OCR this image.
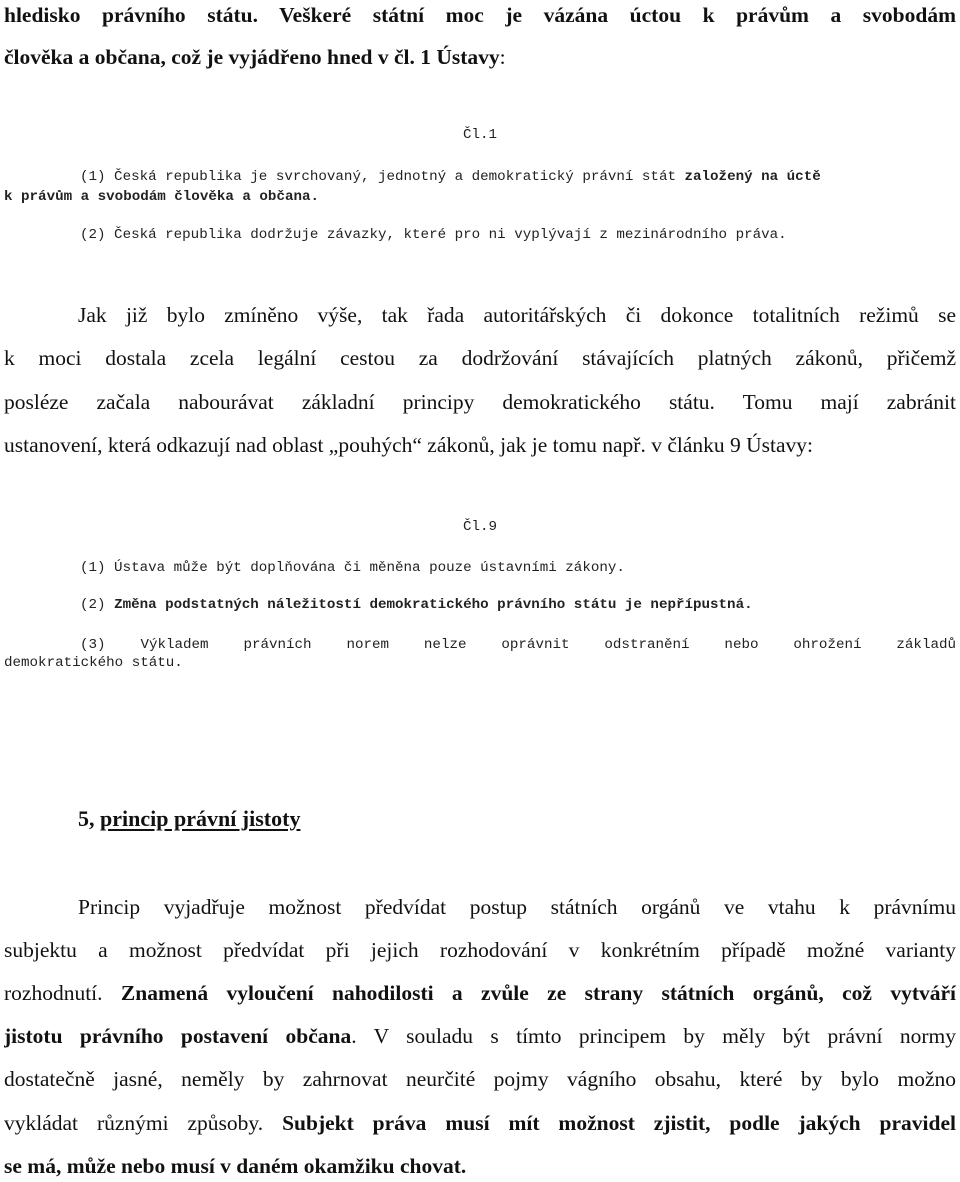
hledisko právního státu. Veškeré státní moc je vázána úctou k právům a svobodám
člověka a občana, což je vyjádřeno hned v čl. 1 Ústavy:
Čl.1
(1) Česká republika je svrchovaný, jednotný a demokratický právní stát založený na úctě
k právům a svobodám člověka a občana.
(2) Česká republika dodržuje závazky, které pro ni vyplývají z mezinárodního práva.
Jak již bylo zmíněno výše, tak řada autoritářských či dokonce totalitních režimů se
k moci dostala zcela legální cestou za dodržování stávajících platných zákonů, přičemž
posléze začala nabourávat základní principy demokratického státu. Tomu mají zabránit
ustanovení, která odkazují nad oblast „pouhých“ zákonů, jak je tomu např. v článku 9 Ústavy:
Čl.9
(1) Ústava může být doplňována či měněna pouze ústavními zákony.
(2) Změna podstatných náležitostí demokratického právního státu je nepřípustná.
(3) Výkladem právních norem nelze oprávnit odstranění nebo ohrožení základů
demokratického státu.
5, princip právní jistoty
Princip vyjadřuje možnost předvídat postup státních orgánů ve vtahu k právnímu
subjektu a možnost předvídat při jejich rozhodování v konkrétním případě možné varianty
rozhodnutí. Znamená vyloučení nahodilosti a zvůle ze strany státních orgánů, což vytváří
jistotu právního postavení občana. V souladu s tímto principem by měly být právní normy
dostatečně jasné, neměly by zahrnovat neurčité pojmy vágního obsahu, které by bylo možno
vykládat různými způsoby. Subjekt práva musí mít možnost zjistit, podle jakých pravidel
se má, může nebo musí v daném okamžiku chovat.
